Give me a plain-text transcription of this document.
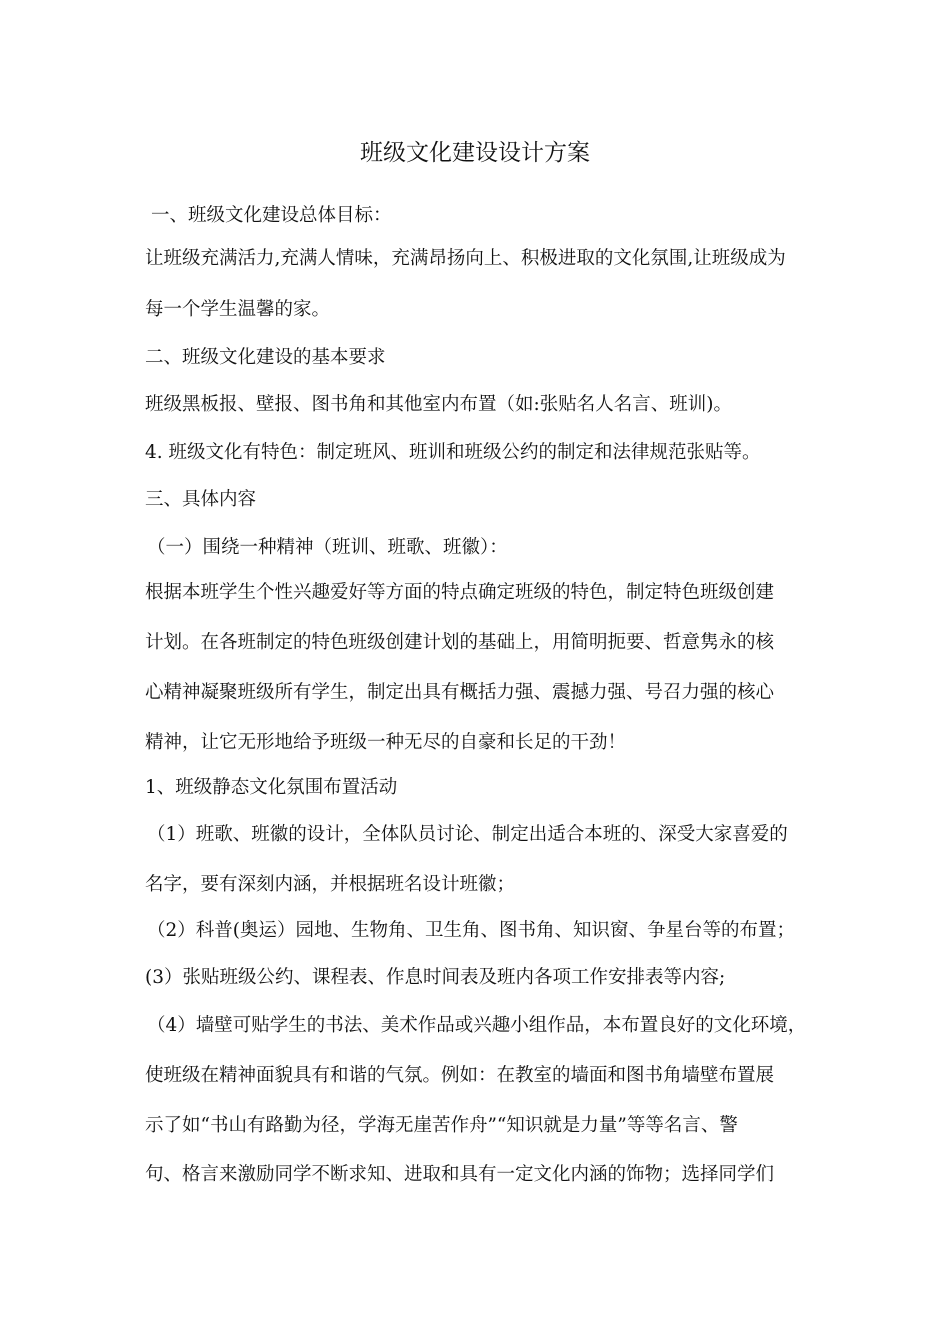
班级文化建设设计方案
一、班级文化建设总体目标：
让班级充满活力,充满人情味，充满昂扬向上、积极进取的文化氛围,让班级成为
每一个学生温馨的家。
二、班级文化建设的基本要求
班级黑板报、壁报、图书角和其他室内布置（如:张贴名人名言、班训)。
4. 班级文化有特色：制定班风、班训和班级公约的制定和法律规范张贴等。
三、具体内容
（一）围绕一种精神（班训、班歌、班徽）：
根据本班学生个性兴趣爱好等方面的特点确定班级的特色，制定特色班级创建
计划。在各班制定的特色班级创建计划的基础上，用简明扼要、哲意隽永的核
心精神凝聚班级所有学生，制定出具有概括力强、震撼力强、号召力强的核心
精神，让它无形地给予班级一种无尽的自豪和长足的干劲！
1、班级静态文化氛围布置活动
（1）班歌、班徽的设计，全体队员讨论、制定出适合本班的、深受大家喜爱的
名字，要有深刻内涵，并根据班名设计班徽；
（2）科普(奥运）园地、生物角、卫生角、图书角、知识窗、争星台等的布置；
(3）张贴班级公约、课程表、作息时间表及班内各项工作安排表等内容;
（4）墙壁可贴学生的书法、美术作品或兴趣小组作品，本布置良好的文化环境，
使班级在精神面貌具有和谐的气氛。例如：在教室的墙面和图书角墙壁布置展
示了如“书山有路勤为径，学海无崖苦作舟”“知识就是力量”等等名言、警
句、格言来激励同学不断求知、进取和具有一定文化内涵的饰物；选择同学们
